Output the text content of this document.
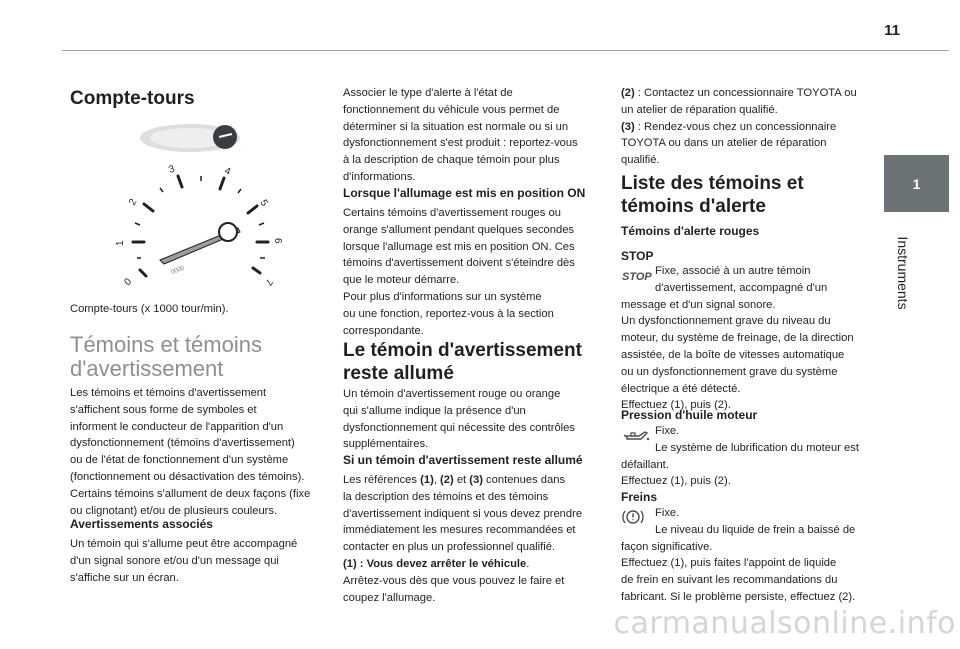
11
1
Instruments
Compte-tours
0
1
2
3	4
5
6
7
0000
Compte-tours (x 1000 tour/min).
Témoins et témoins
d'avertissement
Les témoins et témoins d'avertissement
s'affichent sous forme de symboles et
informent le conducteur de l'apparition d'un
dysfonctionnement (témoins d'avertissement)
ou de l'état de fonctionnement d'un système
(fonctionnement ou désactivation des témoins).
Certains témoins s'allument de deux façons (fixe
ou clignotant) et/ou de plusieurs couleurs.
Avertissements associés
Un témoin qui s'allume peut être accompagné
d'un signal sonore et/ou d'un message qui
s'affiche sur un écran.
Associer le type d'alerte à l'état de
fonctionnement du véhicule vous permet de
déterminer si la situation est normale ou si un
dysfonctionnement s'est produit : reportez-vous
à la description de chaque témoin pour plus
d'informations.
Lorsque l'allumage est mis en position ON
Certains témoins d'avertissement rouges ou
orange s'allument pendant quelques secondes
lorsque l'allumage est mis en position ON. Ces
témoins d'avertissement doivent s'éteindre dès
que le moteur démarre.
Pour plus d'informations sur un système
ou une fonction, reportez-vous à la section
correspondante.
Le témoin d'avertissement
reste allumé
Un témoin d'avertissement rouge ou orange
qui s'allume indique la présence d'un
dysfonctionnement qui nécessite des contrôles
supplémentaires.
Si un témoin d'avertissement reste allumé
Les références (1), (2) et (3) contenues dans
la description des témoins et des témoins
d'avertissement indiquent si vous devez prendre
immédiatement les mesures recommandées et
contacter en plus un professionnel qualifié.
(1) : Vous devez arrêter le véhicule.
Arrêtez-vous dès que vous pouvez le faire et
coupez l'allumage.
(2) : Contactez un concessionnaire TOYOTA ou
un atelier de réparation qualifié.
(3) : Rendez-vous chez un concessionnaire
TOYOTA ou dans un atelier de réparation
qualifié.
Liste des témoins et
témoins d'alerte
Témoins d'alerte rouges
STOP
STOP Fixe, associé à un autre témoin
d'avertissement, accompagné d'un
message et d'un signal sonore.
Un dysfonctionnement grave du niveau du
moteur, du système de freinage, de la direction
assistée, de la boîte de vitesses automatique
ou un dysfonctionnement grave du système
électrique a été détecté.
Effectuez (1), puis (2).
Pression d'huile moteur
Fixe.
Le système de lubrification du moteur est
défaillant.
Effectuez (1), puis (2).
Freins
Fixe.
Le niveau du liquide de frein a baissé de
façon significative.
Effectuez (1), puis faites l'appoint de liquide
de frein en suivant les recommandations du
fabricant. Si le problème persiste, effectuez (2).
carmanualsonline.info
